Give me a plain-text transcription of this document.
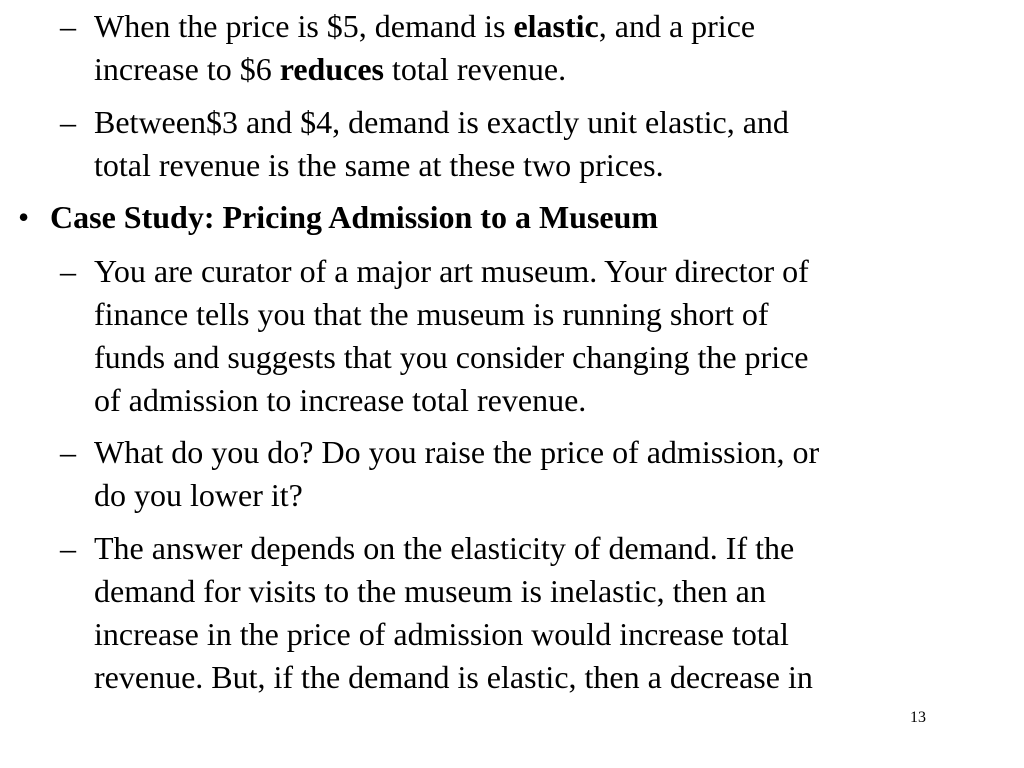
– When the price is $5, demand is elastic, and a price
increase to $6 reduces total revenue.
– Between$3 and $4, demand is exactly unit elastic, and
total revenue is the same at these two prices.
• Case Study: Pricing Admission to a Museum
– You are curator of a major art museum. Your director of
finance tells you that the museum is running short of
funds and suggests that you consider changing the price
of admission to increase total revenue.
– What do you do? Do you raise the price of admission, or
do you lower it?
– The answer depends on the elasticity of demand. If the
demand for visits to the museum is inelastic, then an
increase in the price of admission would increase total
revenue. But, if the demand is elastic, then a decrease in
13
